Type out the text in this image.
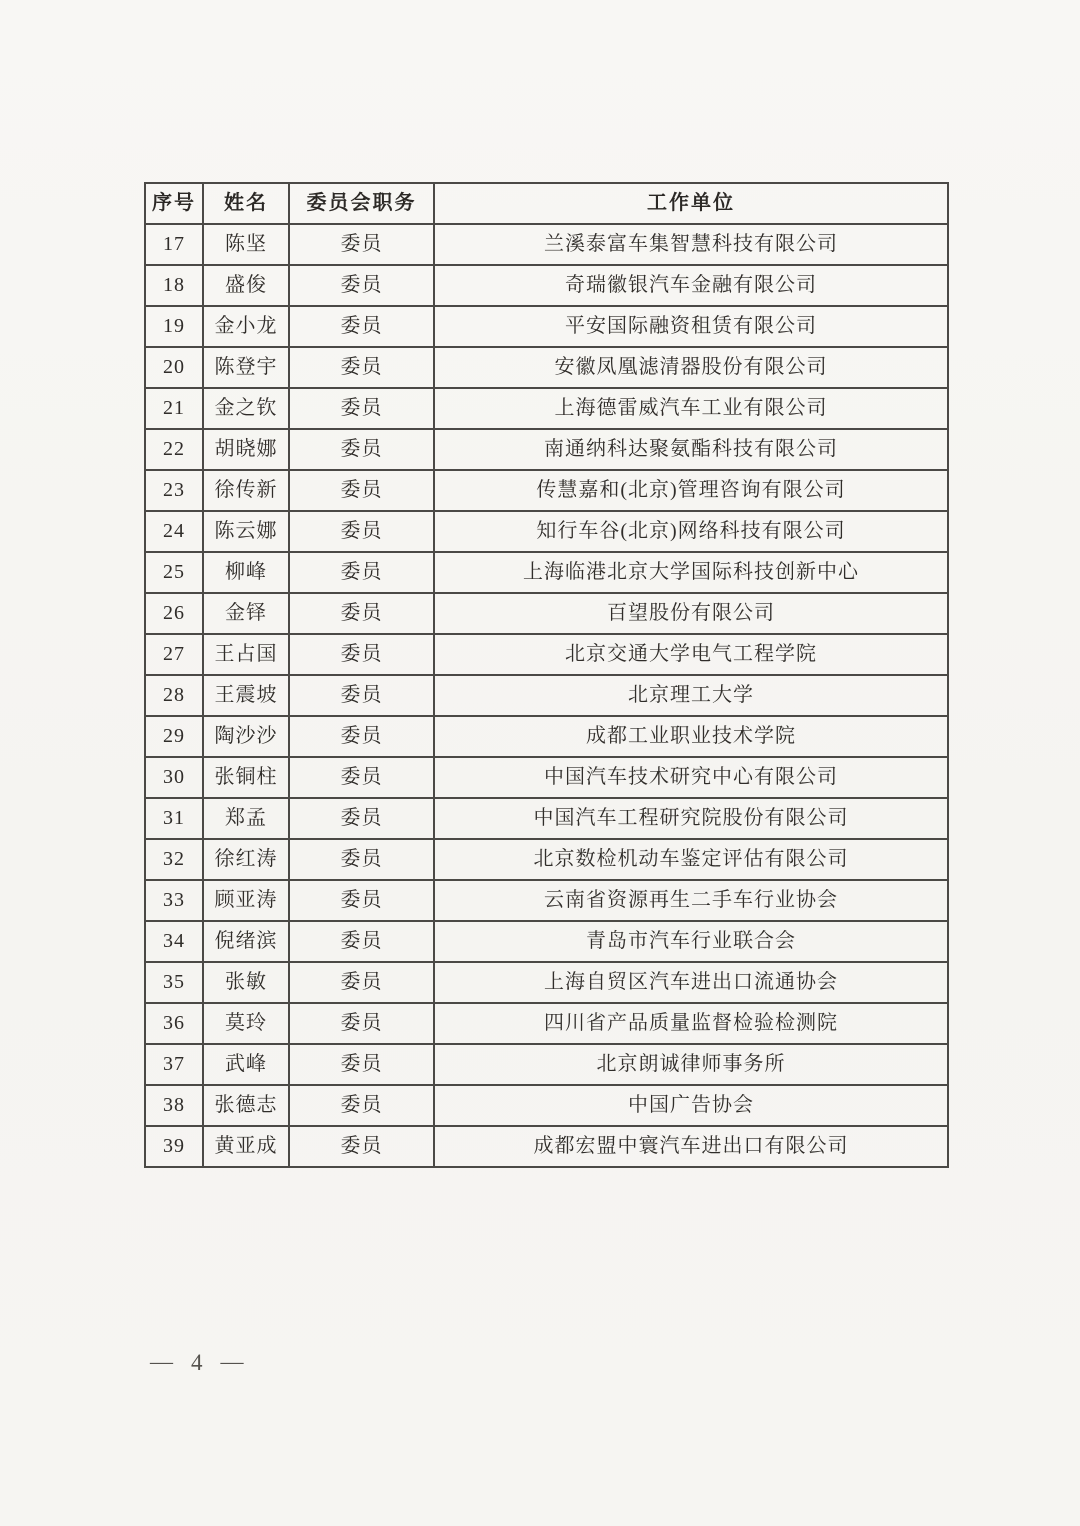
序号	姓名	委员会职务	工作单位
17	陈坚	委员	兰溪泰富车集智慧科技有限公司
18	盛俊	委员	奇瑞徽银汽车金融有限公司
19	金小龙	委员	平安国际融资租赁有限公司
20	陈登宇	委员	安徽凤凰滤清器股份有限公司
21	金之钦	委员	上海德雷威汽车工业有限公司
22	胡晓娜	委员	南通纳科达聚氨酯科技有限公司
23	徐传新	委员	传慧嘉和(北京)管理咨询有限公司
24	陈云娜	委员	知行车谷(北京)网络科技有限公司
25	柳峰	委员	上海临港北京大学国际科技创新中心
26	金铎	委员	百望股份有限公司
27	王占国	委员	北京交通大学电气工程学院
28	王震坡	委员	北京理工大学
29	陶沙沙	委员	成都工业职业技术学院
30	张铜柱	委员	中国汽车技术研究中心有限公司
31	郑孟	委员	中国汽车工程研究院股份有限公司
32	徐红涛	委员	北京数检机动车鉴定评估有限公司
33	顾亚涛	委员	云南省资源再生二手车行业协会
34	倪绪滨	委员	青岛市汽车行业联合会
35	张敏	委员	上海自贸区汽车进出口流通协会
36	莫玲	委员	四川省产品质量监督检验检测院
37	武峰	委员	北京朗诚律师事务所
38	张德志	委员	中国广告协会
39	黄亚成	委员	成都宏盟中寰汽车进出口有限公司
— 4 —
